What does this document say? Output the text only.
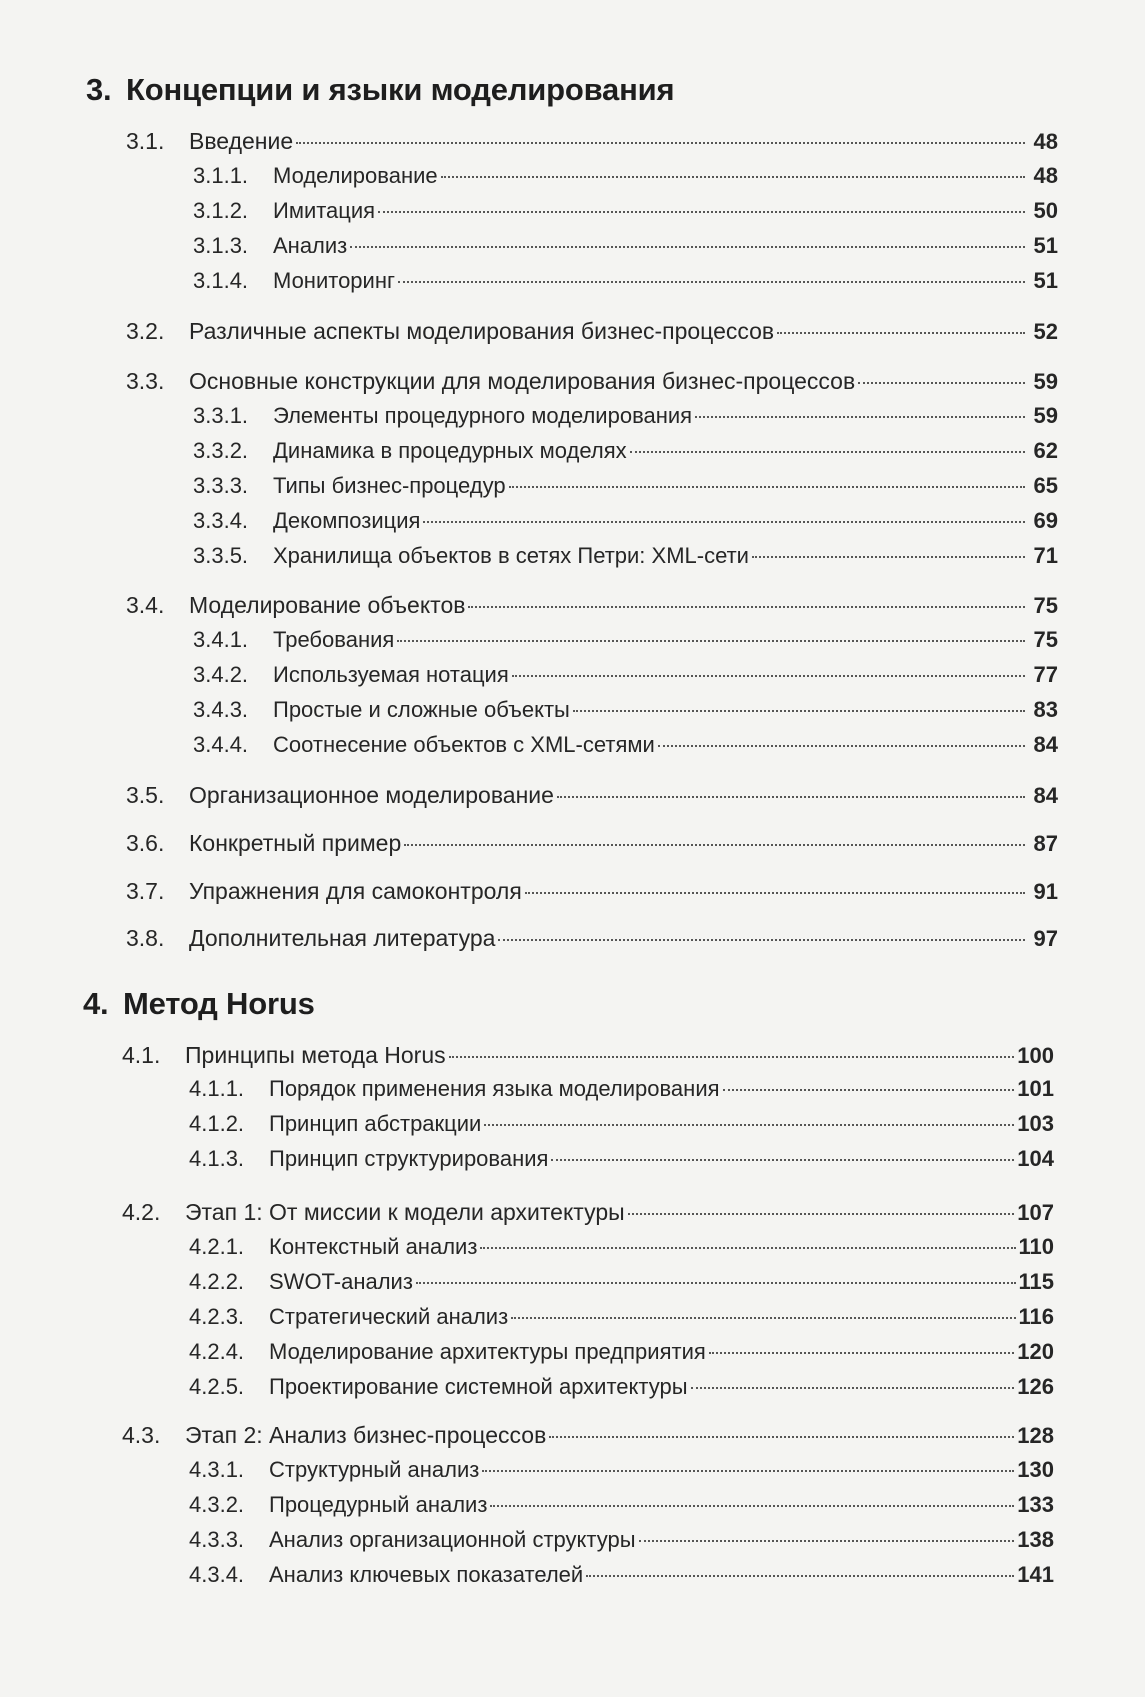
3. Концепции и языки моделирования
3.1.	Введение	48
3.1.1.	Моделирование	48
3.1.2.	Имитация	50
3.1.3.	Анализ	51
3.1.4.	Мониторинг	51
3.2.	Различные аспекты моделирования бизнес-процессов	52
3.3.	Основные конструкции для моделирования бизнес-процессов	59
3.3.1.	Элементы процедурного моделирования	59
3.3.2.	Динамика в процедурных моделях	62
3.3.3.	Типы бизнес-процедур	65
3.3.4.	Декомпозиция	69
3.3.5.	Хранилища объектов в сетях Петри: XML-сети	71
3.4.	Моделирование объектов	75
3.4.1.	Требования	75
3.4.2.	Используемая нотация	77
3.4.3.	Простые и сложные объекты	83
3.4.4.	Соотнесение объектов с XML-сетями	84
3.5.	Организационное моделирование	84
3.6.	Конкретный пример	87
3.7.	Упражнения для самоконтроля	91
3.8.	Дополнительная литература	97
4. Метод Horus
4.1.	Принципы метода Horus	100
4.1.1.	Порядок применения языка моделирования	101
4.1.2.	Принцип абстракции	103
4.1.3.	Принцип структурирования	104
4.2.	Этап 1: От миссии к модели архитектуры	107
4.2.1.	Контекстный анализ	110
4.2.2.	SWOT-анализ	115
4.2.3.	Стратегический анализ	116
4.2.4.	Моделирование архитектуры предприятия	120
4.2.5.	Проектирование системной архитектуры	126
4.3.	Этап 2: Анализ бизнес-процессов	128
4.3.1.	Структурный анализ	130
4.3.2.	Процедурный анализ	133
4.3.3.	Анализ организационной структуры	138
4.3.4.	Анализ ключевых показателей	141
